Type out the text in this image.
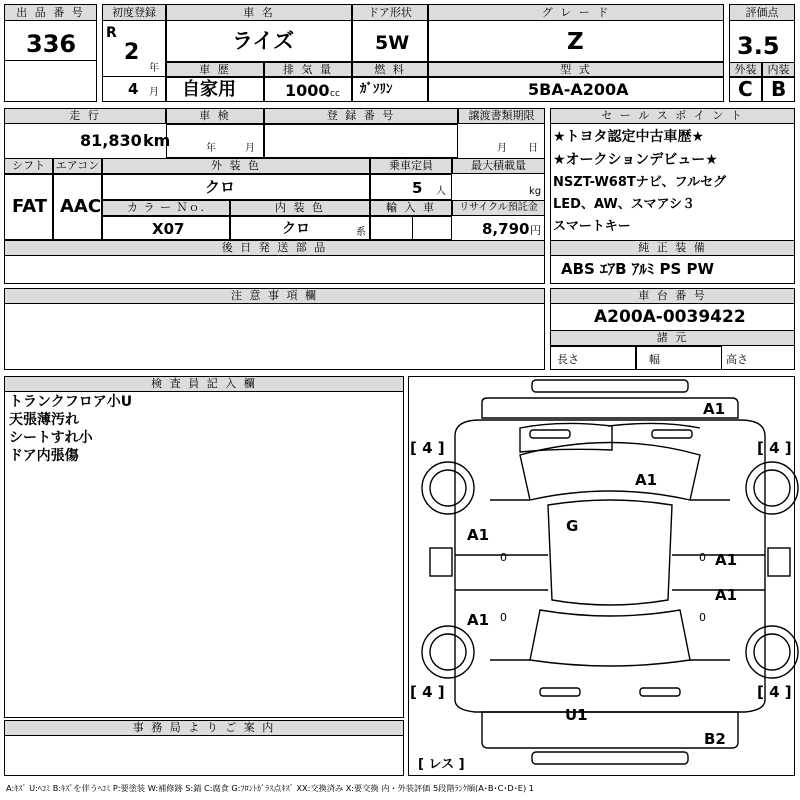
出 品 番 号
336
初度登録
R
2
年
4 月
車 名
ライズ
ドア形状
5W
グ レ ー ド
Z
評価点
3.5
外装	内装
C B
車 歴
自家用
排 気 量
1000 cc
燃 料
ｶﾞｿﾘﾝ
型 式
5BA-A200A
走 行
81,830 km
車 検
年	月
登 録 番 号	譲渡書類期限
月 日
シフト
FAT
エアコン
AAC
外 装 色
クロ
乗車定員
5 人
最大積載量
kg
カ ラ ー Ｎｏ.
X07
内 装 色
クロ	系
輸 入 車	リサイクル預託金
8,790 円
後 日 発 送 部 品
セ ー ル ス ポ イ ン ト
★トヨタ認定中古車歴★
★オークションデビュー★
NSZT-W68Tナビ、フルセグ
LED、AW、スマアシ３
スマートキー
純 正 装 備
ABS ｴｱB ｱﾙﾐ PS PW
注 意 事 項 欄	車 台 番 号
A200A-0039422
諸 元
長さ	幅	高さ
検 査 員 記 入 欄
トランクフロア小U
天張薄汚れ
シートすれ小
ドア内張傷
事 務 局 よ り ご 案 内
A1
A1
G
A1
A1
A1
A1
U1
B2
0	0
0	0
[ 4 ]	[ 4 ]
[ 4 ]	[ 4 ]
[ レス ]
A:ｷｽﾞ U:ﾍｺﾐ B:ｷｽﾞを伴うﾍｺﾐ P:要塗装 W:補修跡 S:錆 C:腐食 G:ﾌﾛﾝﾄｶﾞﾗｽ点ｷｽﾞ XX:交換済み X:要交換 内・外装評価 5段階ﾗﾝｸ順(A･B･C･D･E) 1
